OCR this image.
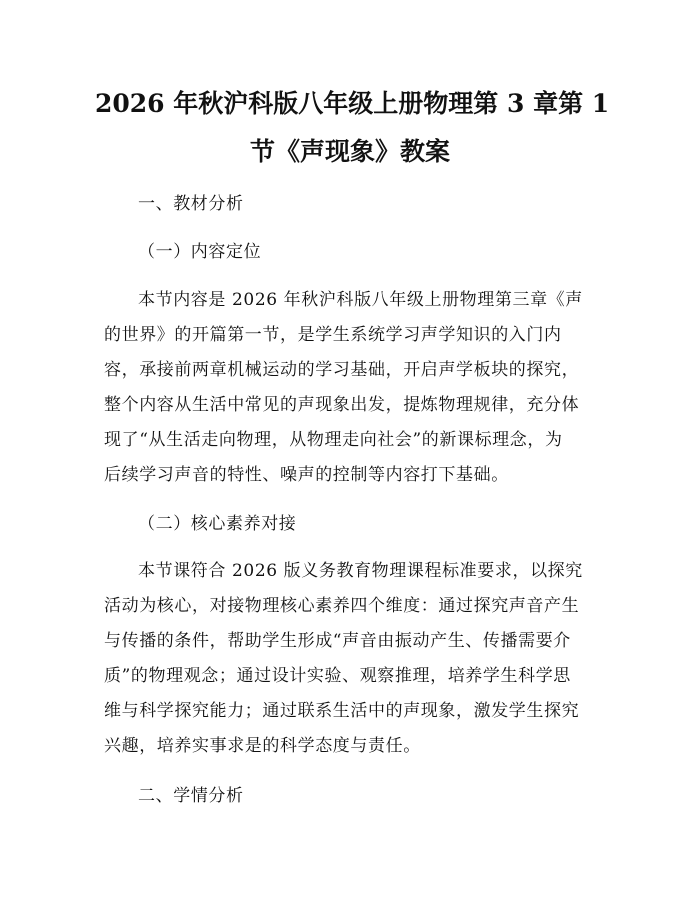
2026 年秋沪科版八年级上册物理第 3 章第 1
节《声现象》教案
一、教材分析
（一）内容定位
本节内容是 2026 年秋沪科版八年级上册物理第三章《声
的世界》的开篇第一节，是学生系统学习声学知识的入门内
容，承接前两章机械运动的学习基础，开启声学板块的探究，
整个内容从生活中常见的声现象出发，提炼物理规律，充分体
现了“从生活走向物理，从物理走向社会”的新课标理念，为
后续学习声音的特性、噪声的控制等内容打下基础。
（二）核心素养对接
本节课符合 2026 版义务教育物理课程标准要求，以探究
活动为核心，对接物理核心素养四个维度：通过探究声音产生
与传播的条件，帮助学生形成“声音由振动产生、传播需要介
质”的物理观念；通过设计实验、观察推理，培养学生科学思
维与科学探究能力；通过联系生活中的声现象，激发学生探究
兴趣，培养实事求是的科学态度与责任。
二、学情分析
